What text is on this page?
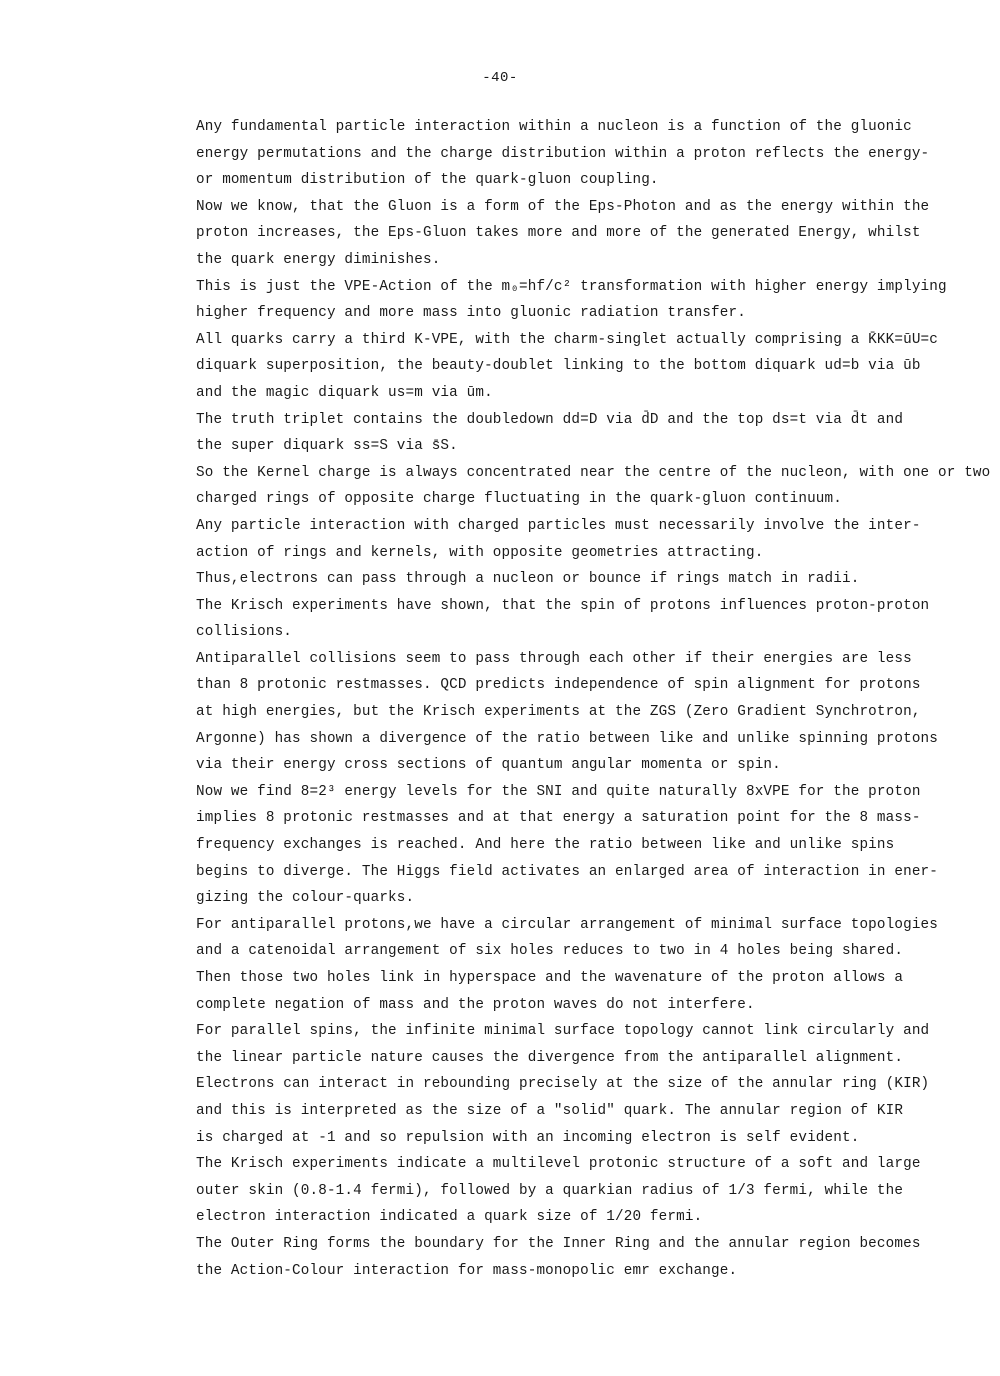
-40-
Any fundamental particle interaction within a nucleon is a function of the gluonic
energy permutations and the charge distribution within a proton reflects the energy-
or momentum distribution of the quark-gluon coupling.
Now we know, that the Gluon is a form of the Eps-Photon and as the energy within the
proton increases, the Eps-Gluon takes more and more of the generated Energy, whilst
the quark energy diminishes.
This is just the VPE-Action of the m₀=hf/c² transformation with higher energy implying
higher frequency and more mass into gluonic radiation transfer.
All quarks carry a third K-VPE, with the charm-singlet actually comprising a K̄KK=ūU=c
diquark superposition, the beauty-doublet linking to the bottom diquark ud=b via ūb
and the magic diquark us=m via ūm.
The truth triplet contains the doubledown dd=D via d̄D and the top ds=t via d̄t and
the super diquark ss=S via s̄S.
So the Kernel charge is always concentrated near the centre of the nucleon, with one or two
charged rings of opposite charge fluctuating in the quark-gluon continuum.
Any particle interaction with charged particles must necessarily involve the inter-
action of rings and kernels, with opposite geometries attracting.
Thus,electrons can pass through a nucleon or bounce if rings match in radii.
The Krisch experiments have shown, that the spin of protons influences proton-proton
collisions.
Antiparallel collisions seem to pass through each other if their energies are less
than 8 protonic restmasses. QCD predicts independence of spin alignment for protons
at high energies, but the Krisch experiments at the ZGS (Zero Gradient Synchrotron,
Argonne) has shown a divergence of the ratio between like and unlike spinning protons
via their energy cross sections of quantum angular momenta or spin.
Now we find 8=2³ energy levels for the SNI and quite naturally 8xVPE for the proton
implies 8 protonic restmasses and at that energy a saturation point for the 8 mass-
frequency exchanges is reached. And here the ratio between like and unlike spins
begins to diverge. The Higgs field activates an enlarged area of interaction in ener-
gizing the colour-quarks.
For antiparallel protons,we have a circular arrangement of minimal surface topologies
and a catenoidal arrangement of six holes reduces to two in 4 holes being shared.
Then those two holes link in hyperspace and the wavenature of the proton allows a
complete negation of mass and the proton waves do not interfere.
For parallel spins, the infinite minimal surface topology cannot link circularly and
the linear particle nature causes the divergence from the antiparallel alignment.
Electrons can interact in rebounding precisely at the size of the annular ring (KIR)
and this is interpreted as the size of a "solid" quark. The annular region of KIR
is charged at -1 and so repulsion with an incoming electron is self evident.
The Krisch experiments indicate a multilevel protonic structure of a soft and large
outer skin (0.8-1.4 fermi), followed by a quarkian radius of 1/3 fermi, while the
electron interaction indicated a quark size of 1/20 fermi.
The Outer Ring forms the boundary for the Inner Ring and the annular region becomes
the Action-Colour interaction for mass-monopolic emr exchange.
